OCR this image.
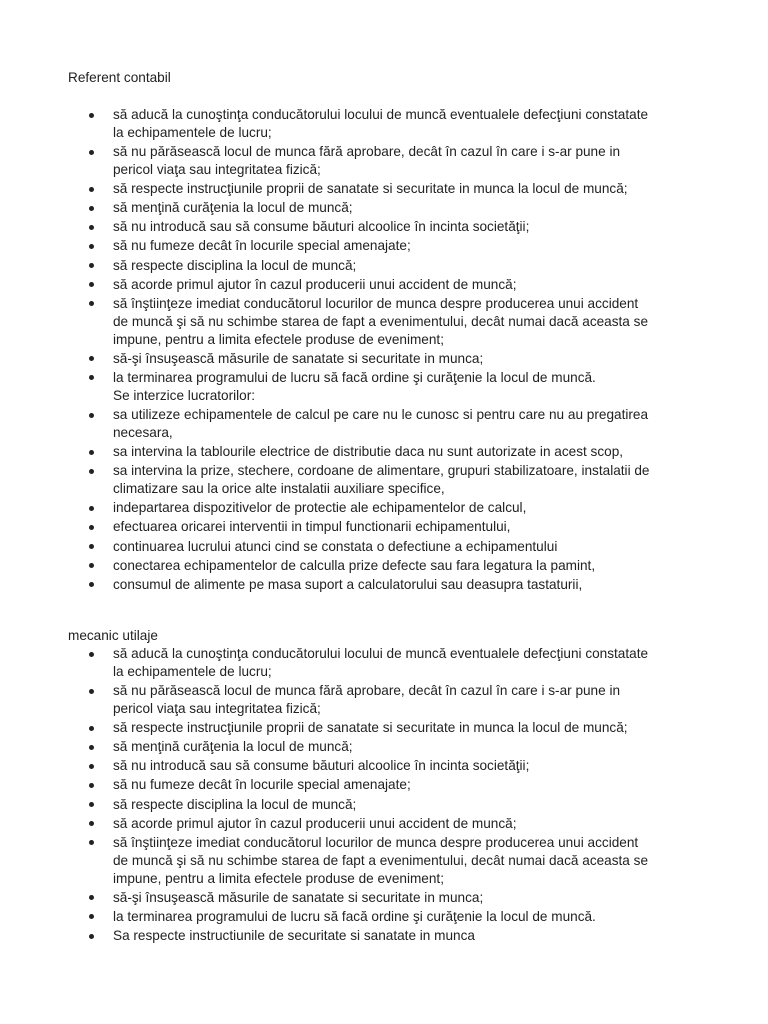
Referent contabil
să aducă la cunoştinţa conducătorului locului de muncă eventualele defecţiuni constatate
la echipamentele de lucru;
să nu părăsească locul de munca fără aprobare, decât în cazul în care i s-ar pune in
pericol viaţa sau integritatea fizică;
să respecte instrucţiunile proprii de sanatate si securitate in munca la locul de muncă;
să menţină curăţenia la locul de muncă;
să nu introducă sau să consume băuturi alcoolice în incinta societăţii;
să nu fumeze decât în locurile special amenajate;
să respecte disciplina la locul de muncă;
să acorde primul ajutor în cazul producerii unui accident de muncă;
să înştiinţeze imediat conducătorul locurilor de munca despre producerea unui accident
de muncă şi să nu schimbe starea de fapt a evenimentului, decât numai dacă aceasta se
impune, pentru a limita efectele produse de eveniment;
să-şi însuşească măsurile de sanatate si securitate in munca;
la terminarea programului de lucru să facă ordine şi curăţenie la locul de muncă.
Se interzice lucratorilor:
sa utilizeze echipamentele de calcul pe care nu le cunosc si pentru care nu au pregatirea
necesara,
sa intervina la tablourile electrice de distributie daca nu sunt autorizate in acest scop,
sa intervina la prize, stechere, cordoane de alimentare, grupuri stabilizatoare, instalatii de
climatizare sau la orice alte instalatii auxiliare specifice,
indepartarea dispozitivelor de protectie ale echipamentelor de calcul,
efectuarea oricarei interventii in timpul functionarii echipamentului,
continuarea lucrului atunci cind se constata o defectiune a echipamentului
conectarea echipamentelor de calculla prize defecte sau fara legatura la pamint,
consumul de alimente pe masa suport a calculatorului sau deasupra tastaturii,
mecanic utilaje
să aducă la cunoştinţa conducătorului locului de muncă eventualele defecţiuni constatate
la echipamentele de lucru;
să nu părăsească locul de munca fără aprobare, decât în cazul în care i s-ar pune in
pericol viaţa sau integritatea fizică;
să respecte instrucţiunile proprii de sanatate si securitate in munca la locul de muncă;
să menţină curăţenia la locul de muncă;
să nu introducă sau să consume băuturi alcoolice în incinta societăţii;
să nu fumeze decât în locurile special amenajate;
să respecte disciplina la locul de muncă;
să acorde primul ajutor în cazul producerii unui accident de muncă;
să înştiinţeze imediat conducătorul locurilor de munca despre producerea unui accident
de muncă şi să nu schimbe starea de fapt a evenimentului, decât numai dacă aceasta se
impune, pentru a limita efectele produse de eveniment;
să-şi însuşească măsurile de sanatate si securitate in munca;
la terminarea programului de lucru să facă ordine şi curăţenie la locul de muncă.
Sa respecte instructiunile de securitate si sanatate in munca
